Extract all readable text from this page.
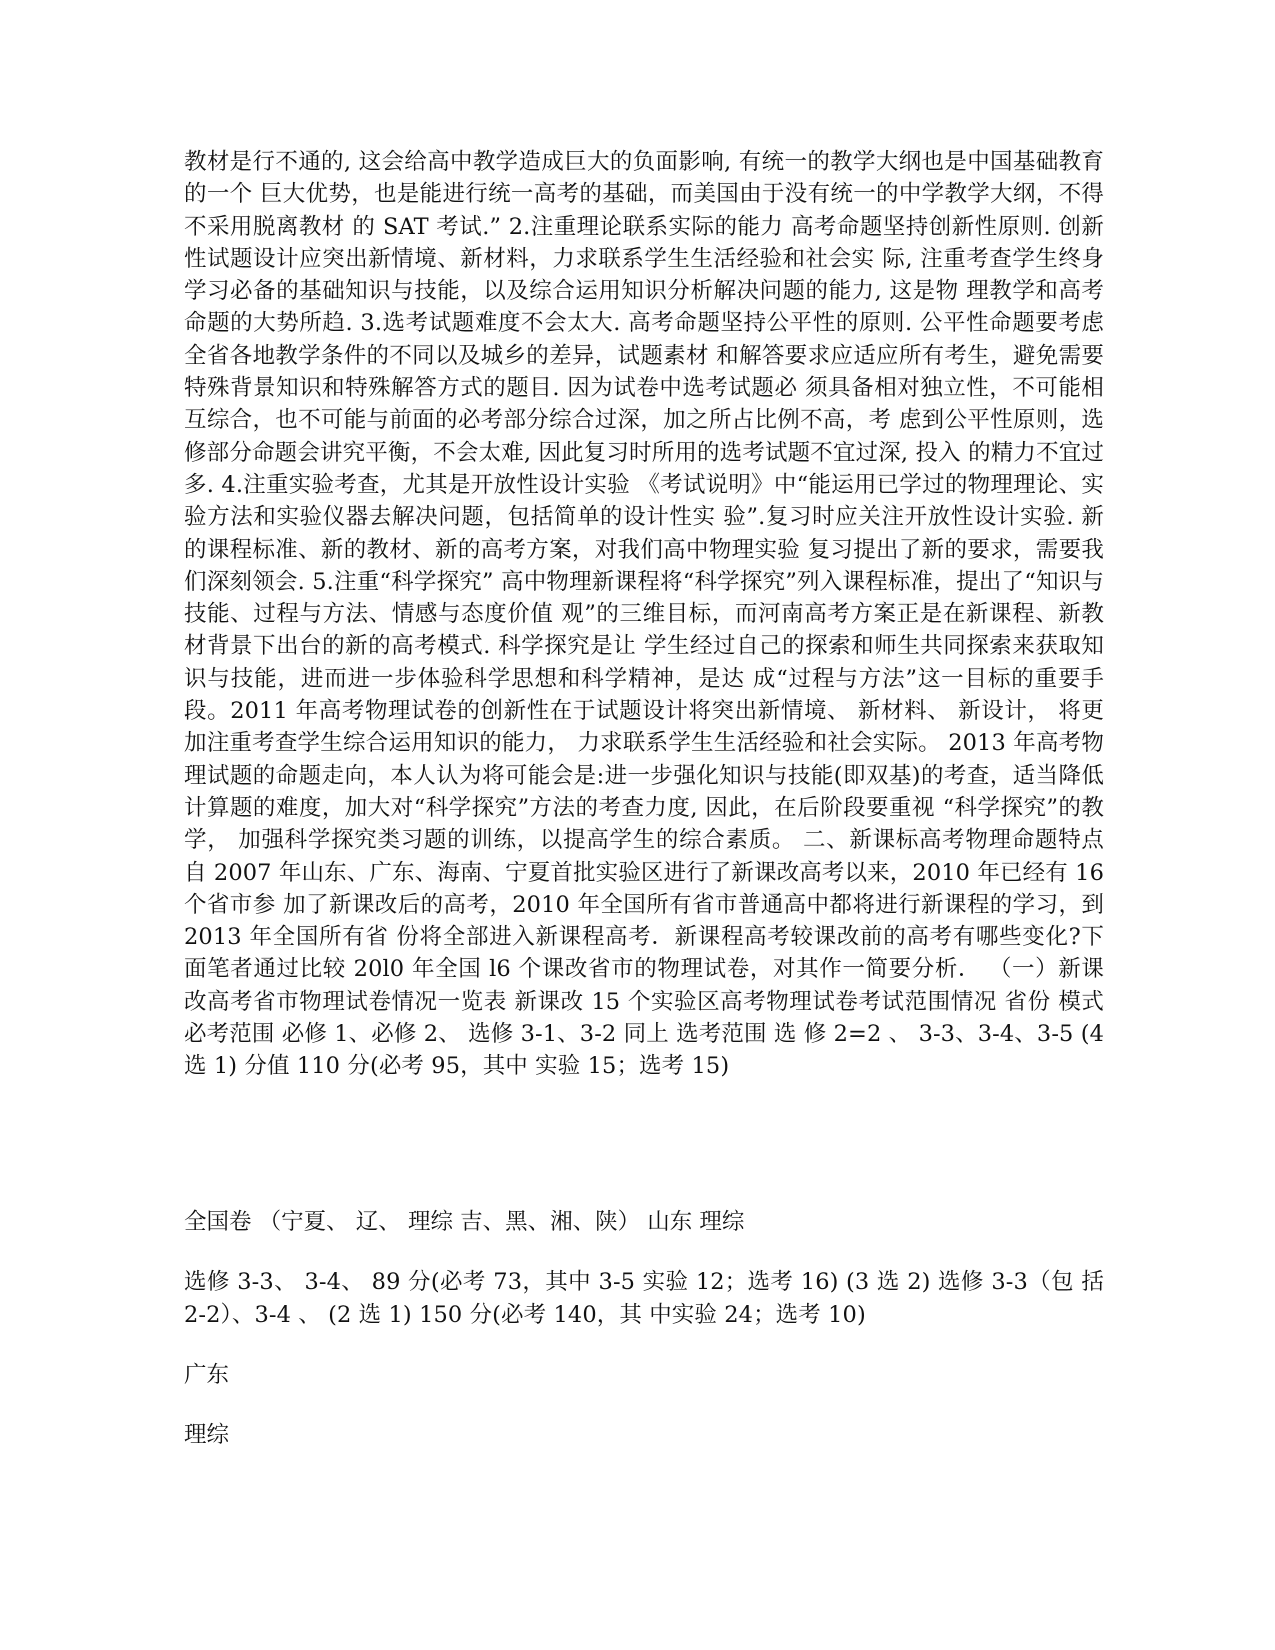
教材是行不通的, 这会给高中教学造成巨大的负面影响, 有统一的教学大纲也是中国基础教育的一个 巨大优势，也是能进行统一高考的基础，而美国由于没有统一的中学教学大纲，不得不采用脱离教材 的 SAT 考试.” 2.注重理论联系实际的能力 高考命题坚持创新性原则. 创新性试题设计应突出新情境、新材料，力求联系学生生活经验和社会实 际, 注重考查学生终身学习必备的基础知识与技能，以及综合运用知识分析解决问题的能力, 这是物 理教学和高考命题的大势所趋. 3.选考试题难度不会太大. 高考命题坚持公平性的原则. 公平性命题要考虑全省各地教学条件的不同以及城乡的差异，试题素材 和解答要求应适应所有考生，避免需要特殊背景知识和特殊解答方式的题目. 因为试卷中选考试题必 须具备相对独立性，不可能相互综合，也不可能与前面的必考部分综合过深，加之所占比例不高，考 虑到公平性原则，选修部分命题会讲究平衡，不会太难, 因此复习时所用的选考试题不宜过深, 投入 的精力不宜过多. 4.注重实验考查，尤其是开放性设计实验 《考试说明》中“能运用已学过的物理理论、实验方法和实验仪器去解决问题，包括简单的设计性实 验”.复习时应关注开放性设计实验. 新的课程标准、新的教材、新的高考方案，对我们高中物理实验 复习提出了新的要求，需要我们深刻领会. 5.注重“科学探究” 高中物理新课程将“科学探究”列入课程标准，提出了“知识与技能、过程与方法、情感与态度价值 观”的三维目标，而河南高考方案正是在新课程、新教材背景下出台的新的高考模式. 科学探究是让 学生经过自己的探索和师生共同探索来获取知识与技能，进而进一步体验科学思想和科学精神，是达 成“过程与方法”这一目标的重要手段。2011 年高考物理试卷的创新性在于试题设计将突出新情境、 新材料、 新设计， 将更加注重考查学生综合运用知识的能力， 力求联系学生生活经验和社会实际。 2013 年高考物理试题的命题走向，本人认为将可能会是:进一步强化知识与技能(即双基)的考查，适当降低 计算题的难度，加大对“科学探究”方法的考查力度, 因此，在后阶段要重视 “科学探究”的教学， 加强科学探究类习题的训练，以提高学生的综合素质。 二、新课标高考物理命题特点 自 2007 年山东、广东、海南、宁夏首批实验区进行了新课改高考以来，2010 年已经有 16 个省市参 加了新课改后的高考，2010 年全国所有省市普通高中都将进行新课程的学习，到 2013 年全国所有省 份将全部进入新课程高考．新课程高考较课改前的高考有哪些变化?下面笔者通过比较 20l0 年全国 l6 个课改省市的物理试卷，对其作一简要分析． （一）新课改高考省市物理试卷情况一览表 新课改 15 个实验区高考物理试卷考试范围情况 省份 模式 必考范围 必修 1、必修 2、 选修 3-1、3-2 同上 选考范围 选 修 2=2 、 3-3、3-4、3-5 (4 选 1) 分值 110 分(必考 95，其中 实验 15；选考 15)

全国卷 （宁夏、 辽、 理综 吉、黑、湘、陕） 山东 理综

选修 3-3、 3-4、 89 分(必考 73，其中 3-5 实验 12；选考 16) (3 选 2) 选修 3-3（包 括 2-2）、3-4 、 (2 选 1) 150 分(必考 140，其 中实验 24；选考 10)

广东

理综
